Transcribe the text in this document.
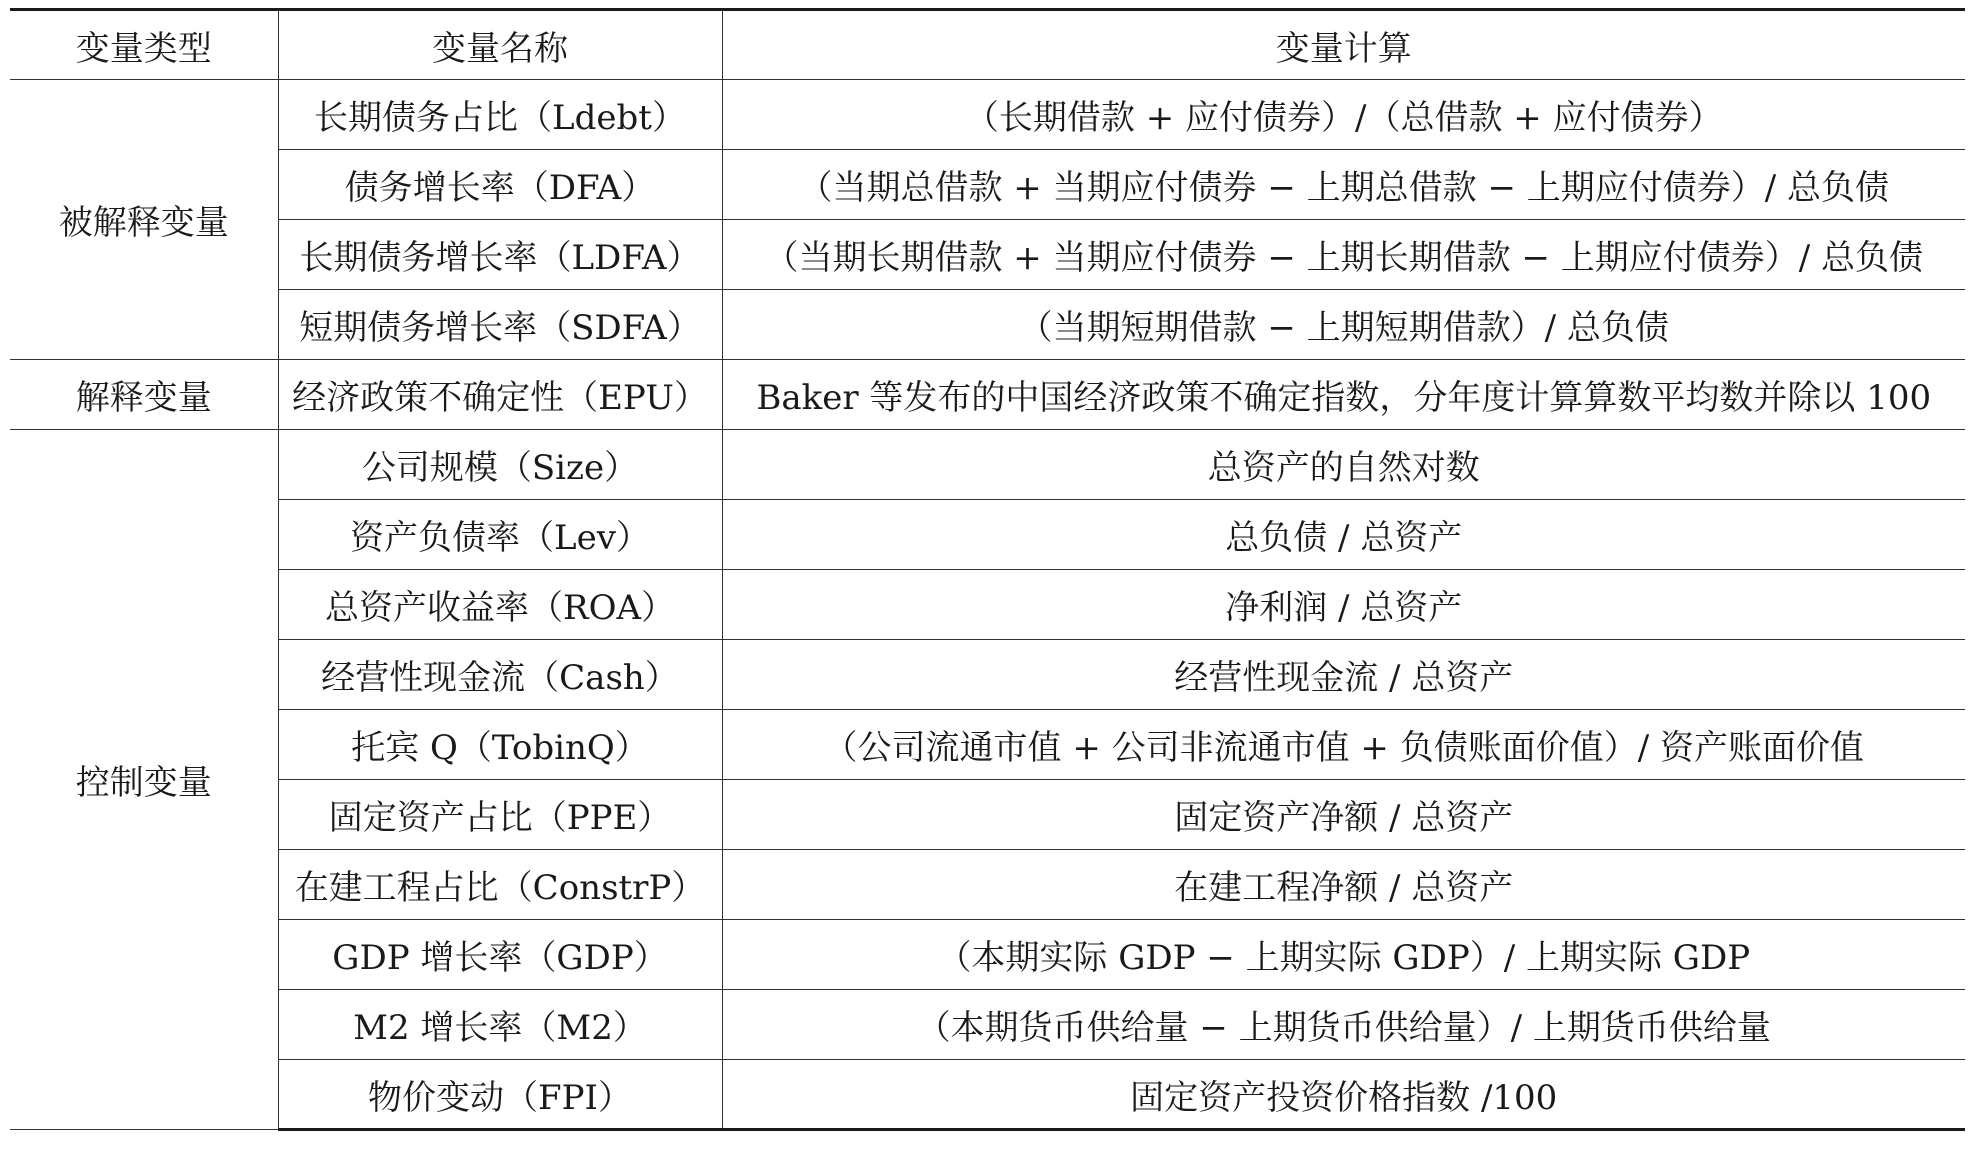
变量类型	变量名称	变量计算
被解释变量	长期债务占比（Ldebt）	（长期借款 + 应付债券）/（总借款 + 应付债券）
	债务增长率（DFA）	（当期总借款 + 当期应付债券 − 上期总借款 − 上期应付债券）/ 总负债
	长期债务增长率（LDFA）	（当期长期借款 + 当期应付债券 − 上期长期借款 − 上期应付债券）/ 总负债
	短期债务增长率（SDFA）	（当期短期借款 − 上期短期借款）/ 总负债
解释变量	经济政策不确定性（EPU）	Baker 等发布的中国经济政策不确定指数，分年度计算算数平均数并除以 100
控制变量	公司规模（Size）	总资产的自然对数
	资产负债率（Lev）	总负债 / 总资产
	总资产收益率（ROA）	净利润 / 总资产
	经营性现金流（Cash）	经营性现金流 / 总资产
	托宾 Q（TobinQ）	（公司流通市值 + 公司非流通市值 + 负债账面价值）/ 资产账面价值
	固定资产占比（PPE）	固定资产净额 / 总资产
	在建工程占比（ConstrP）	在建工程净额 / 总资产
	GDP 增长率（GDP）	（本期实际 GDP − 上期实际 GDP）/ 上期实际 GDP
	M2 增长率（M2）	（本期货币供给量 − 上期货币供给量）/ 上期货币供给量
	物价变动（FPI）	固定资产投资价格指数 /100
